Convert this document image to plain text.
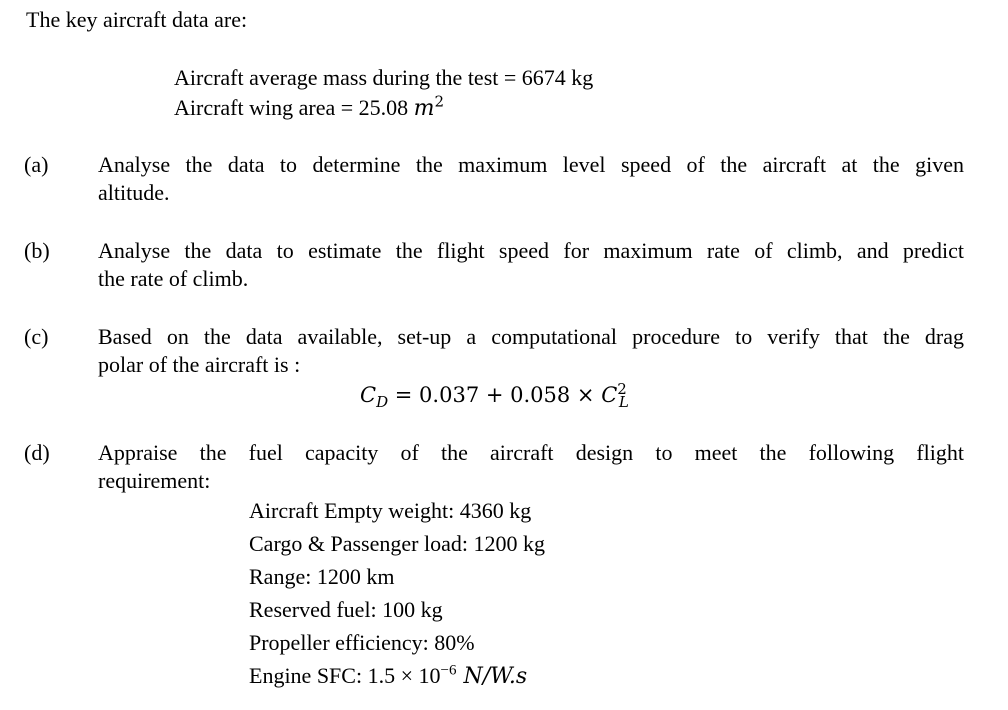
The key aircraft data are:
Aircraft average mass during the test = 6674 kg
Aircraft wing area = 25.08 $m^2$
(a)	Analyse the data to determine the maximum level speed of the aircraft at the given
altitude.
(b)	Analyse the data to estimate the flight speed for maximum rate of climb, and predict
the rate of climb.
(c)	Based on the data available, set-up a computational procedure to verify that the drag
polar of the aircraft is :
$C_D = 0.037 + 0.058 \times C^2_L$
(d)	Appraise the fuel capacity of the aircraft design to meet the following flight
requirement:
Aircraft Empty weight: 4360 kg
Cargo & Passenger load: 1200 kg
Range: 1200 km
Reserved fuel: 100 kg
Propeller efficiency: 80%
Engine SFC: $1.5 \times 10^{-6}$ N/W.s
